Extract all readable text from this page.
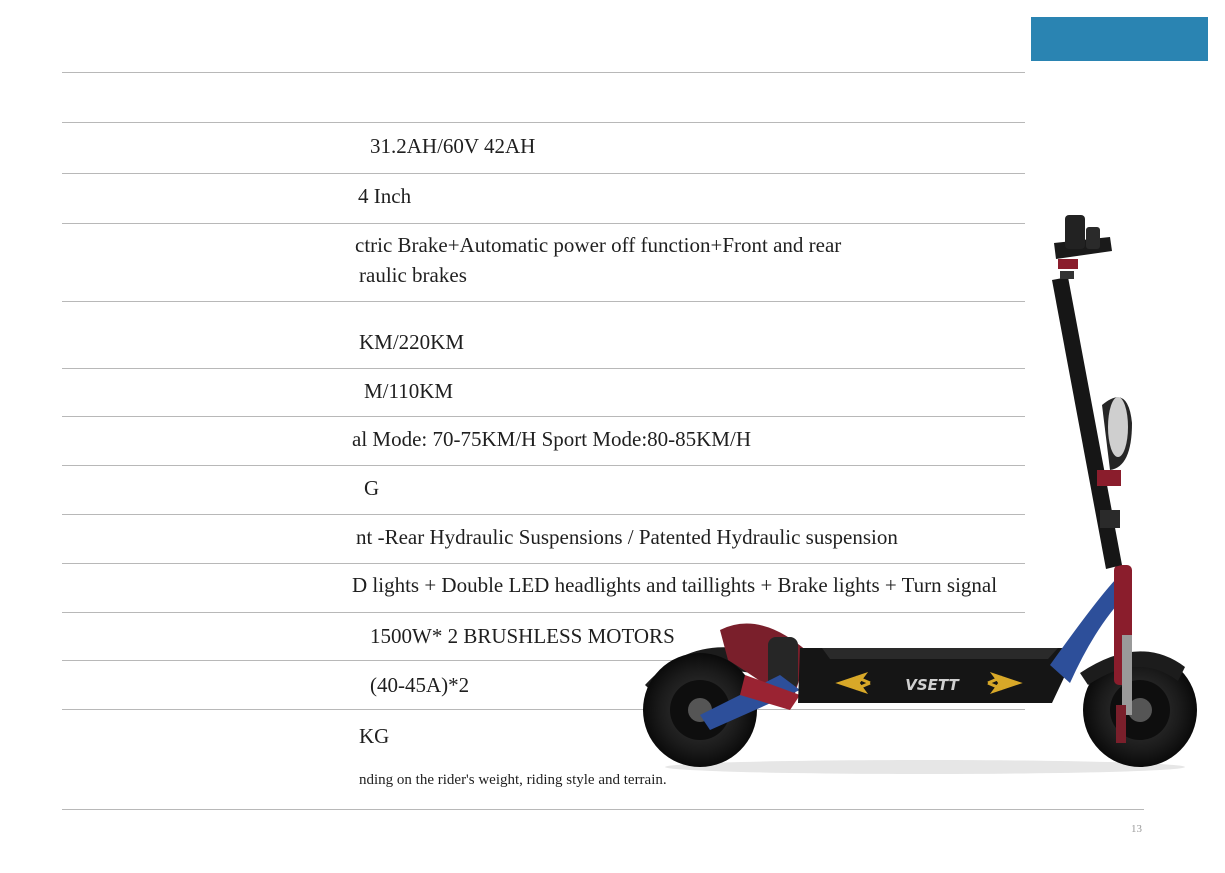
VSETT
31.2AH/60V 42AH
4 Inch
ctric Brake+Automatic power off function+Front and rear
raulic brakes
KM/220KM
M/110KM
al Mode: 70-75KM/H Sport Mode:80-85KM/H
G
nt -Rear Hydraulic Suspensions / Patented Hydraulic suspension
D lights + Double LED headlights and taillights + Brake lights + Turn signal
1500W* 2 BRUSHLESS MOTORS
(40-45A)*2
KG
nding on the rider's weight, riding style and terrain.
13
